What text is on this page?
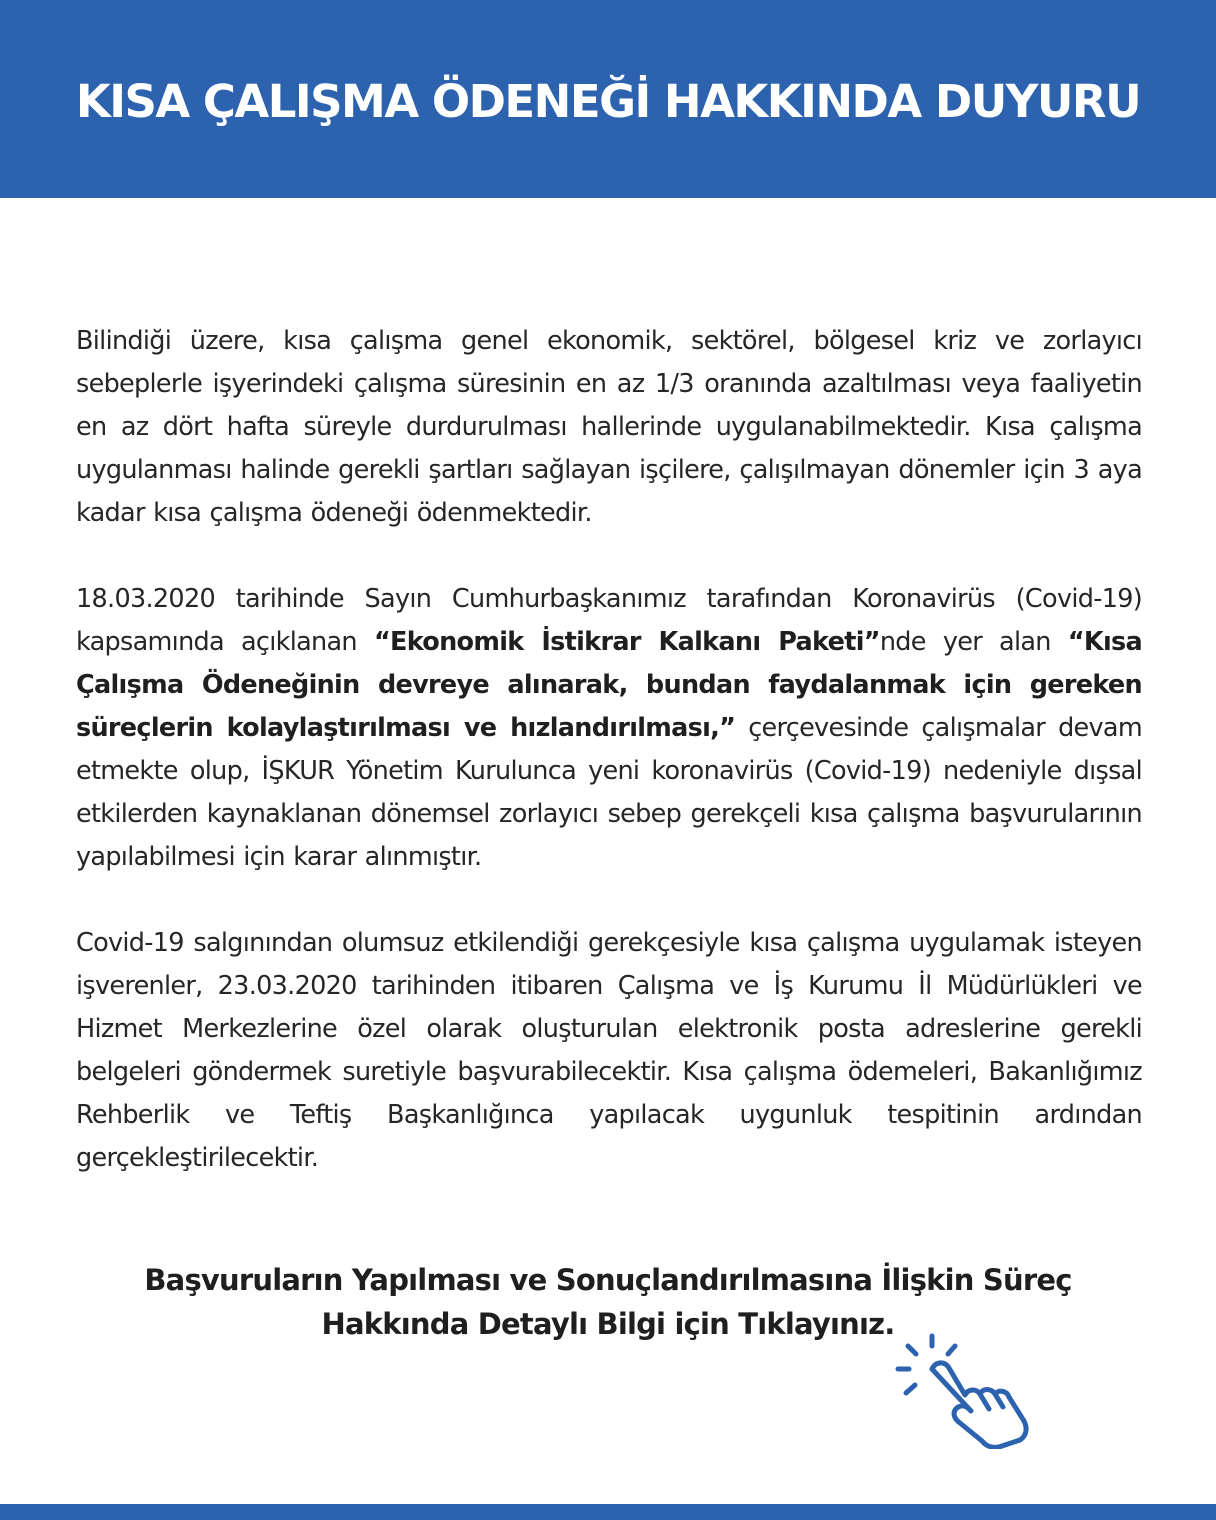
KISA ÇALIŞMA ÖDENEĞİ HAKKINDA DUYURU

Bilindiği üzere, kısa çalışma genel ekonomik, sektörel, bölgesel kriz ve zorlayıcı sebeplerle işyerindeki çalışma süresinin en az 1/3 oranında azaltılması veya faaliyetin en az dört hafta süreyle durdurulması hallerinde uygulanabilmektedir. Kısa çalışma uygulanması halinde gerekli şartları sağlayan işçilere, çalışılmayan dönemler için 3 aya kadar kısa çalışma ödeneği ödenmektedir.

18.03.2020 tarihinde Sayın Cumhurbaşkanımız tarafından Koronavirüs (Covid-19) kapsamında açıklanan “Ekonomik İstikrar Kalkanı Paketi”nde yer alan “Kısa Çalışma Ödeneğinin devreye alınarak, bundan faydalanmak için gereken süreçlerin kolaylaştırılması ve hızlandırılması,” çerçevesinde çalışmalar devam etmekte olup, İŞKUR Yönetim Kurulunca yeni koronavirüs (Covid-19) nedeniyle dışsal etkilerden kaynaklanan dönemsel zorlayıcı sebep gerekçeli kısa çalışma başvurularının yapılabilmesi için karar alınmıştır.

Covid-19 salgınından olumsuz etkilendiği gerekçesiyle kısa çalışma uygulamak isteyen işverenler, 23.03.2020 tarihinden itibaren Çalışma ve İş Kurumu İl Müdürlükleri ve Hizmet Merkezlerine özel olarak oluşturulan elektronik posta adreslerine gerekli belgeleri göndermek suretiyle başvurabilecektir. Kısa çalışma ödemeleri, Bakanlığımız Rehberlik ve Teftiş Başkanlığınca yapılacak uygunluk tespitinin ardından gerçekleştirilecektir.

Başvuruların Yapılması ve Sonuçlandırılmasına İlişkin Süreç
Hakkında Detaylı Bilgi için Tıklayınız.
